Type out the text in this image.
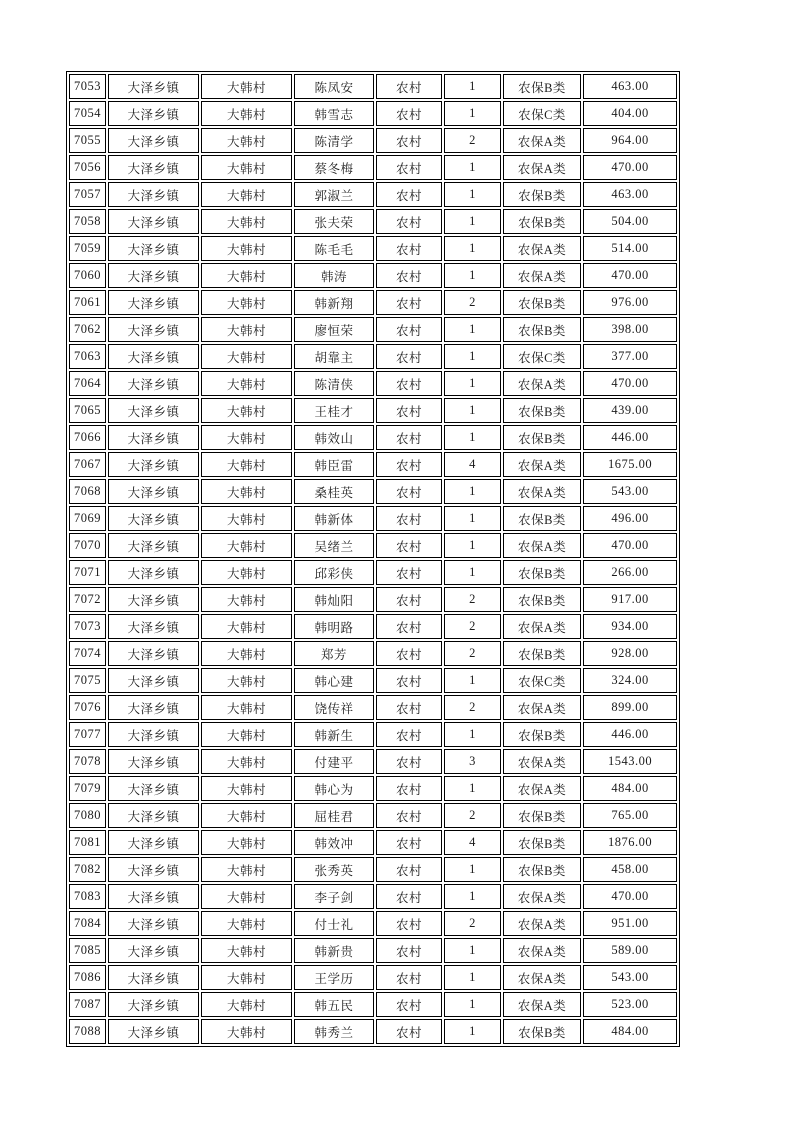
7053	大泽乡镇	大韩村	陈凤安	农村	1	农保B类	463.00
7054	大泽乡镇	大韩村	韩雪志	农村	1	农保C类	404.00
7055	大泽乡镇	大韩村	陈清学	农村	2	农保A类	964.00
7056	大泽乡镇	大韩村	蔡冬梅	农村	1	农保A类	470.00
7057	大泽乡镇	大韩村	郭淑兰	农村	1	农保B类	463.00
7058	大泽乡镇	大韩村	张夫荣	农村	1	农保B类	504.00
7059	大泽乡镇	大韩村	陈毛毛	农村	1	农保A类	514.00
7060	大泽乡镇	大韩村	韩涛	农村	1	农保A类	470.00
7061	大泽乡镇	大韩村	韩新翔	农村	2	农保B类	976.00
7062	大泽乡镇	大韩村	廖恒荣	农村	1	农保B类	398.00
7063	大泽乡镇	大韩村	胡靠主	农村	1	农保C类	377.00
7064	大泽乡镇	大韩村	陈清侠	农村	1	农保A类	470.00
7065	大泽乡镇	大韩村	王桂才	农村	1	农保B类	439.00
7066	大泽乡镇	大韩村	韩效山	农村	1	农保B类	446.00
7067	大泽乡镇	大韩村	韩臣雷	农村	4	农保A类	1675.00
7068	大泽乡镇	大韩村	桑桂英	农村	1	农保A类	543.00
7069	大泽乡镇	大韩村	韩新体	农村	1	农保B类	496.00
7070	大泽乡镇	大韩村	吴绪兰	农村	1	农保A类	470.00
7071	大泽乡镇	大韩村	邱彩侠	农村	1	农保B类	266.00
7072	大泽乡镇	大韩村	韩灿阳	农村	2	农保B类	917.00
7073	大泽乡镇	大韩村	韩明路	农村	2	农保A类	934.00
7074	大泽乡镇	大韩村	郑芳	农村	2	农保B类	928.00
7075	大泽乡镇	大韩村	韩心建	农村	1	农保C类	324.00
7076	大泽乡镇	大韩村	饶传祥	农村	2	农保A类	899.00
7077	大泽乡镇	大韩村	韩新生	农村	1	农保B类	446.00
7078	大泽乡镇	大韩村	付建平	农村	3	农保A类	1543.00
7079	大泽乡镇	大韩村	韩心为	农村	1	农保A类	484.00
7080	大泽乡镇	大韩村	屈桂君	农村	2	农保B类	765.00
7081	大泽乡镇	大韩村	韩效冲	农村	4	农保B类	1876.00
7082	大泽乡镇	大韩村	张秀英	农村	1	农保B类	458.00
7083	大泽乡镇	大韩村	李子剑	农村	1	农保A类	470.00
7084	大泽乡镇	大韩村	付士礼	农村	2	农保A类	951.00
7085	大泽乡镇	大韩村	韩新贵	农村	1	农保A类	589.00
7086	大泽乡镇	大韩村	王学历	农村	1	农保A类	543.00
7087	大泽乡镇	大韩村	韩五民	农村	1	农保A类	523.00
7088	大泽乡镇	大韩村	韩秀兰	农村	1	农保B类	484.00
